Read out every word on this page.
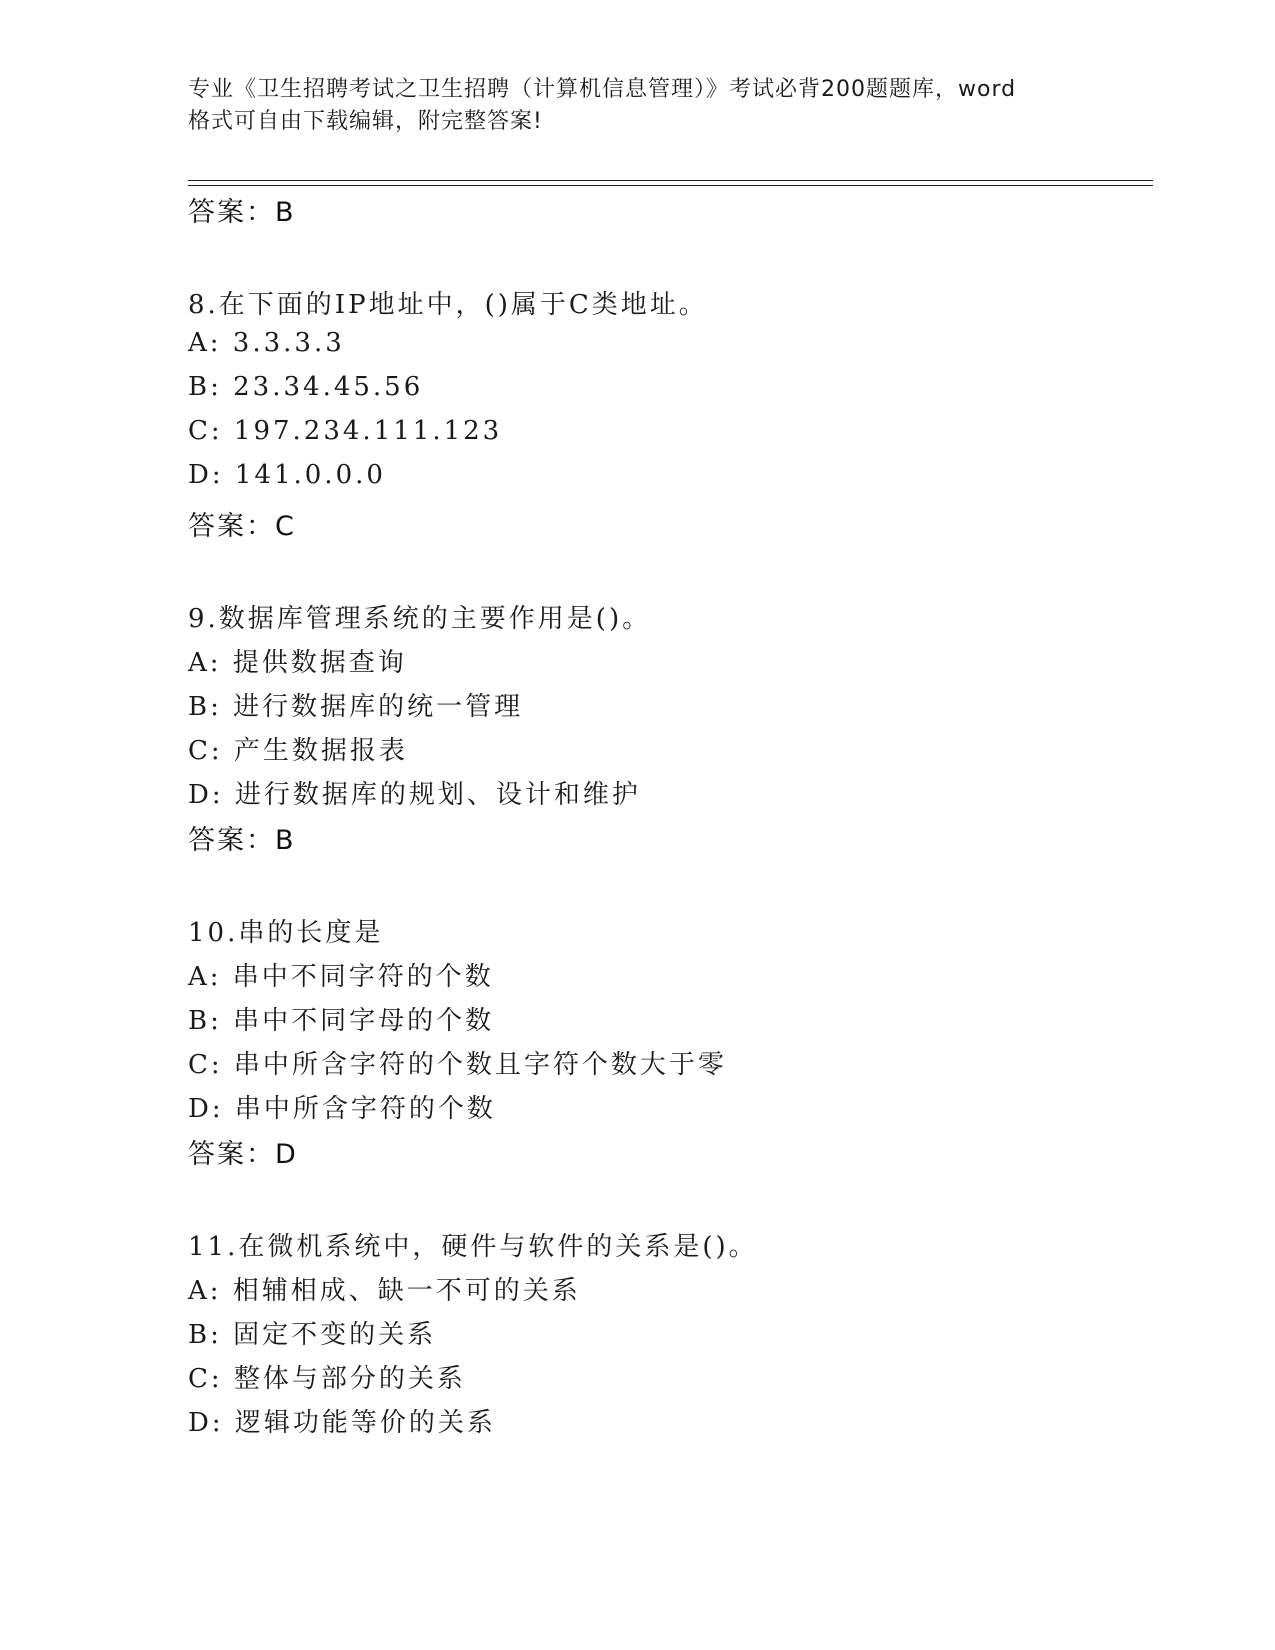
专业《卫生招聘考试之卫生招聘（计算机信息管理）》考试必背200题题库，word
格式可自由下载编辑，附完整答案!
答案：B
8.在下面的IP地址中，()属于C类地址。
A: 3.3.3.3
B: 23.34.45.56
C: 197.234.111.123
D: 141.0.0.0
答案：C
9.数据库管理系统的主要作用是()。
A: 提供数据查询
B: 进行数据库的统一管理
C: 产生数据报表
D: 进行数据库的规划、设计和维护
答案：B
10.串的长度是
A: 串中不同字符的个数
B: 串中不同字母的个数
C: 串中所含字符的个数且字符个数大于零
D: 串中所含字符的个数
答案：D
11.在微机系统中，硬件与软件的关系是()。
A: 相辅相成、缺一不可的关系
B: 固定不变的关系
C: 整体与部分的关系
D: 逻辑功能等价的关系
